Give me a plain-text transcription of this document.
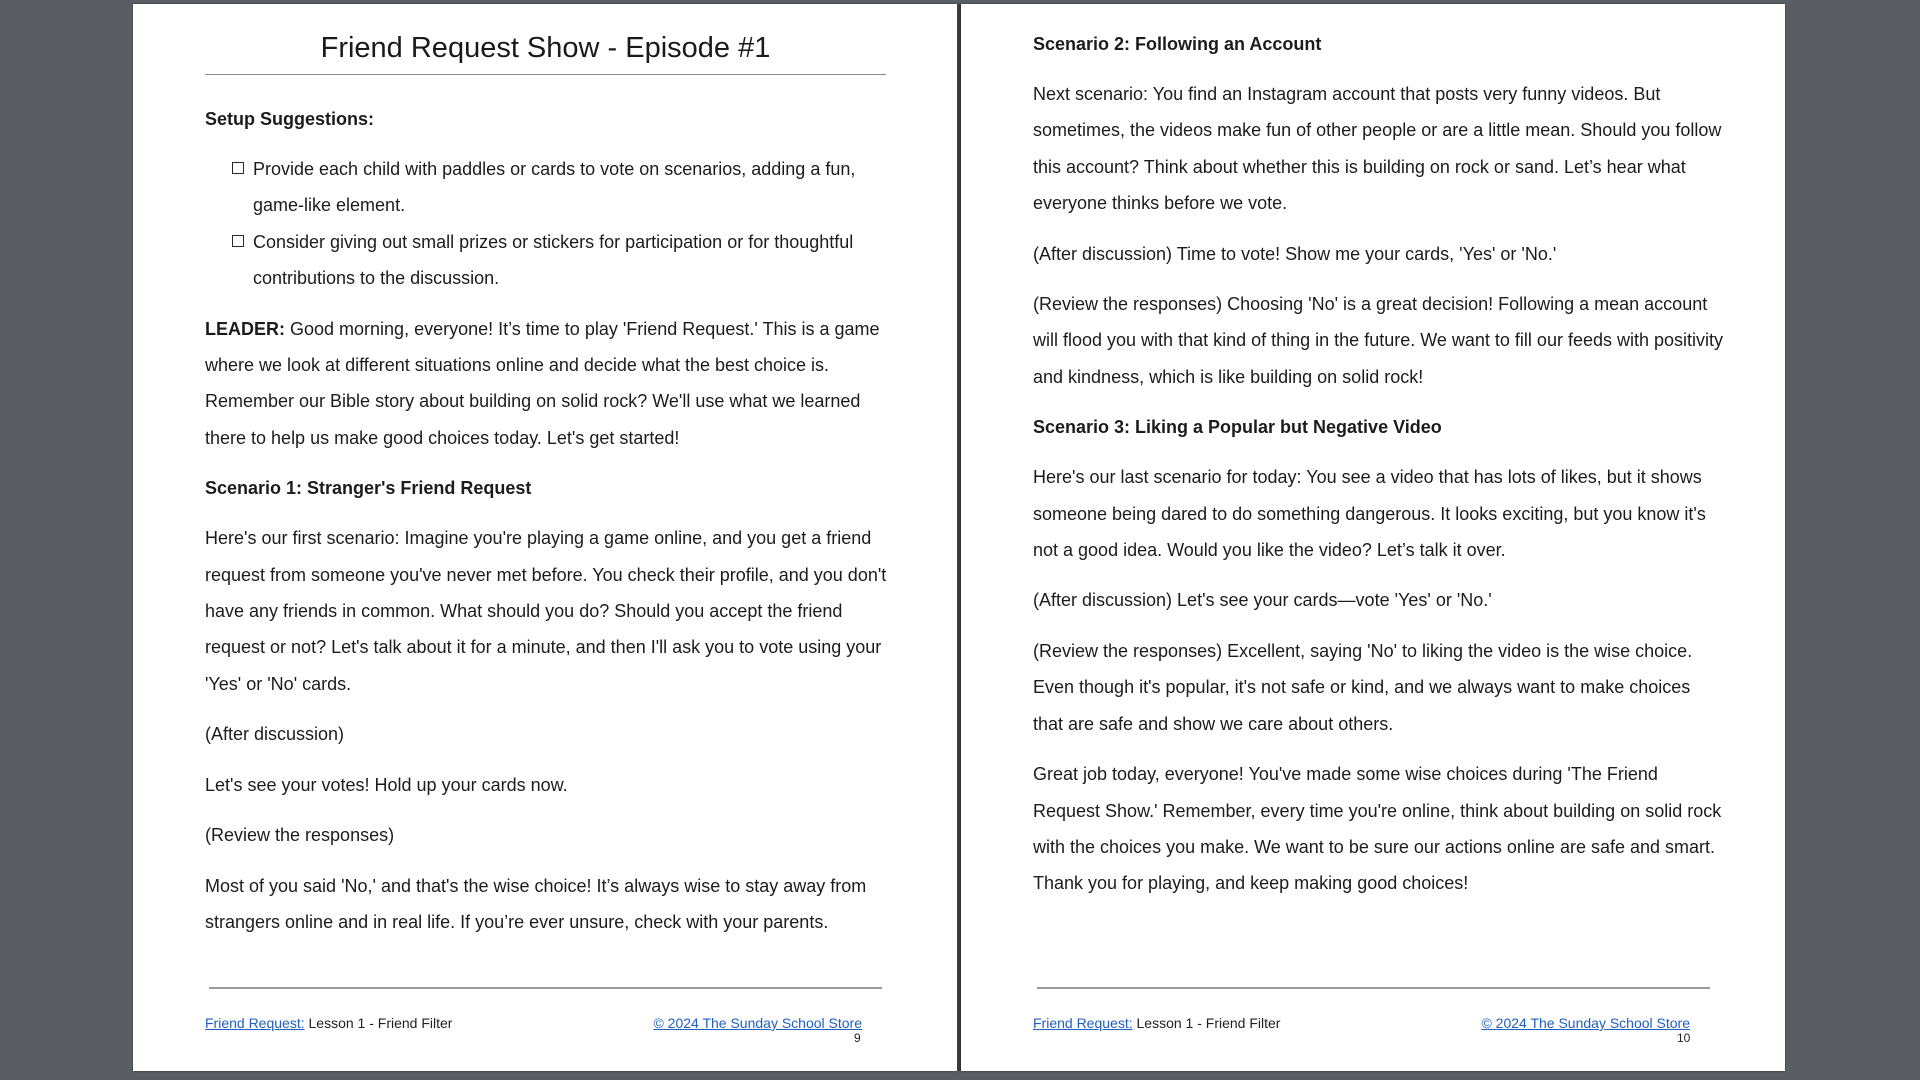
Friend Request Show - Episode #1
Setup Suggestions:
Provide each child with paddles or cards to vote on scenarios, adding a fun, game-like element.
Consider giving out small prizes or stickers for participation or for thoughtful contributions to the discussion.

LEADER: Good morning, everyone! It’s time to play 'Friend Request.' This is a game where we look at different situations online and decide what the best choice is. Remember our Bible story about building on solid rock? We'll use what we learned there to help us make good choices today. Let's get started!

Scenario 1: Stranger's Friend Request

Here's our first scenario: Imagine you're playing a game online, and you get a friend request from someone you've never met before. You check their profile, and you don't have any friends in common. What should you do? Should you accept the friend request or not? Let's talk about it for a minute, and then I'll ask you to vote using your 'Yes' or 'No' cards.

(After discussion)

Let's see your votes! Hold up your cards now.

(Review the responses)

Most of you said 'No,' and that's the wise choice! It’s always wise to stay away from strangers online and in real life. If you’re ever unsure, check with your parents.

Friend Request: Lesson 1 - Friend Filter	© 2024 The Sunday School Store
9
Scenario 2: Following an Account

Next scenario: You find an Instagram account that posts very funny videos. But sometimes, the videos make fun of other people or are a little mean. Should you follow this account? Think about whether this is building on rock or sand. Let’s hear what everyone thinks before we vote.

(After discussion) Time to vote! Show me your cards, 'Yes' or 'No.'

(Review the responses) Choosing 'No' is a great decision! Following a mean account will flood you with that kind of thing in the future. We want to fill our feeds with positivity and kindness, which is like building on solid rock!

Scenario 3: Liking a Popular but Negative Video

Here's our last scenario for today: You see a video that has lots of likes, but it shows someone being dared to do something dangerous. It looks exciting, but you know it's not a good idea. Would you like the video? Let’s talk it over.

(After discussion) Let's see your cards—vote 'Yes' or 'No.'

(Review the responses) Excellent, saying 'No' to liking the video is the wise choice. Even though it's popular, it's not safe or kind, and we always want to make choices that are safe and show we care about others.

Great job today, everyone! You've made some wise choices during 'The Friend Request Show.' Remember, every time you're online, think about building on solid rock with the choices you make. We want to be sure our actions online are safe and smart. Thank you for playing, and keep making good choices!

Friend Request: Lesson 1 - Friend Filter	© 2024 The Sunday School Store
10
